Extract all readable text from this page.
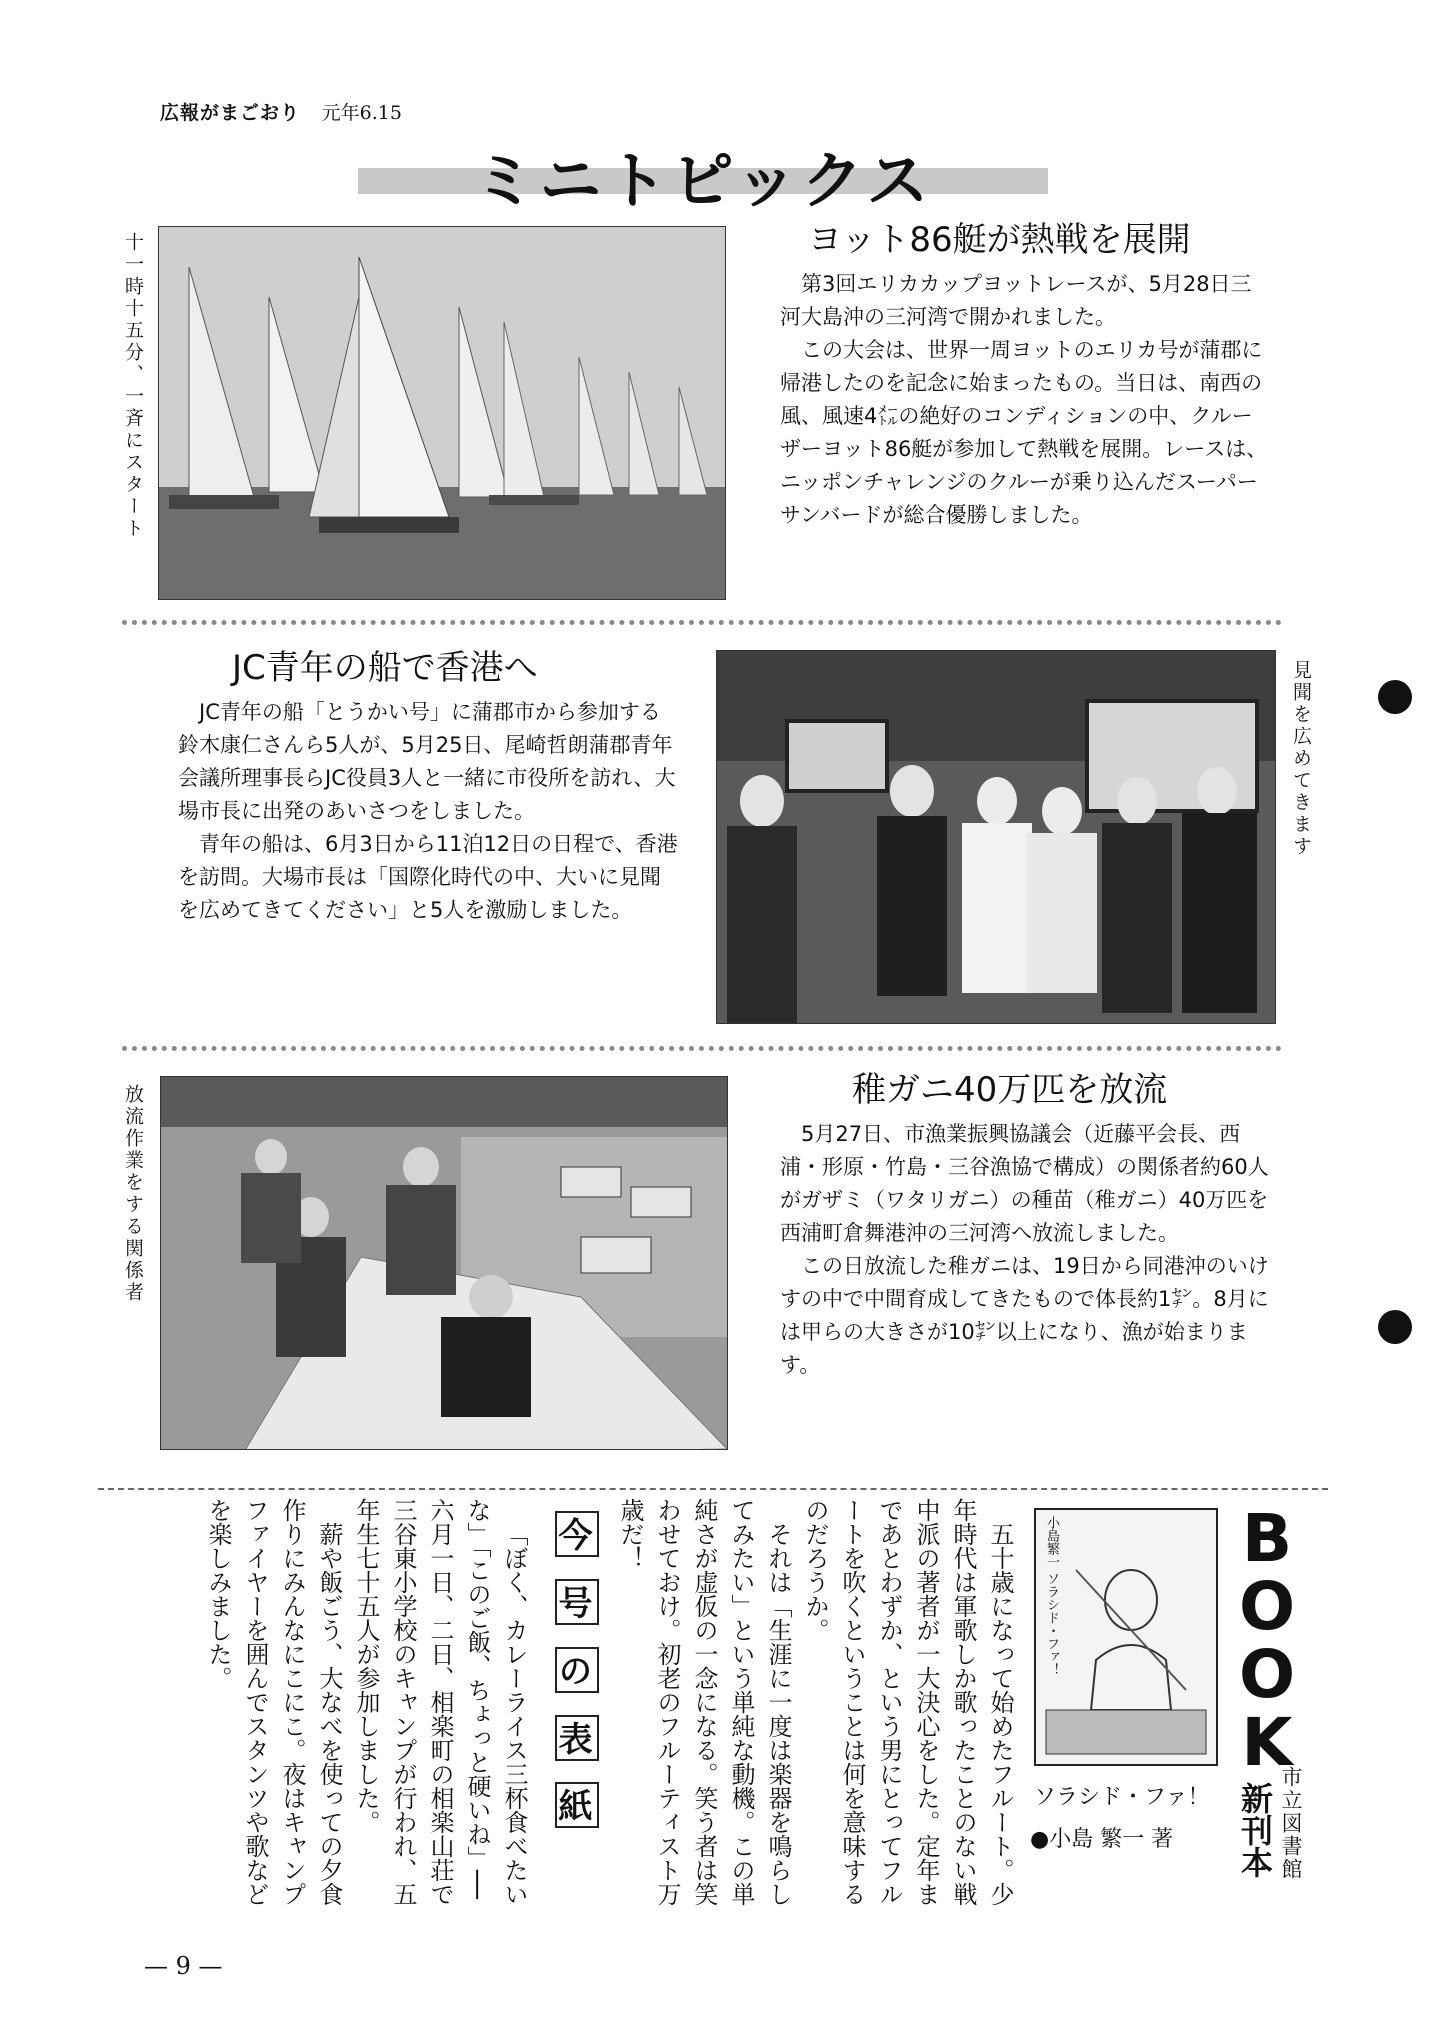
広報がまごおり 元年6.15
ミニトピックス
十一時十五分、一斉にスタート	ヨット86艇が熱戦を展開

第3回エリカカップヨットレースが、5月28日三河大島沖の三河湾で開かれました。

この大会は、世界一周ヨットのエリカ号が蒲郡に帰港したのを記念に始まったもの。当日は、南西の風、風速4㍍の絶好のコンディションの中、クルーザーヨット86艇が参加して熱戦を展開。レースは、ニッポンチャレンジのクルーが乗り込んだスーパーサンバードが総合優勝しました。

JC青年の船で香港へ

JC青年の船「とうかい号」に蒲郡市から参加する鈴木康仁さんら5人が、5月25日、尾崎哲朗蒲郡青年会議所理事長らJC役員3人と一緒に市役所を訪れ、大場市長に出発のあいさつをしました。

青年の船は、6月3日から11泊12日の日程で、香港を訪問。大場市長は「国際化時代の中、大いに見聞を広めてきてください」と5人を激励しました。

見聞を広めてきます
放流作業をする関係者	稚ガニ40万匹を放流

5月27日、市漁業振興協議会（近藤平会長、西浦・形原・竹島・三谷漁協で構成）の関係者約60人がガザミ（ワタリガニ）の種苗（稚ガニ）40万匹を西浦町倉舞港沖の三河湾へ放流しました。

この日放流した稚ガニは、19日から同港沖のいけすの中で中間育成してきたもので体長約1㌢。8月には甲らの大きさが10㌢以上になり、漁が始まります。

B
O
O
K
新刊本 市立図書館
小島繁一 ソラシド・ファ！
ソラシド・ファ！
●小島 繁一 著

五十歳になって始めたフルート。少年時代は軍歌しか歌ったことのない戦中派の著者が一大決心をした。定年まであとわずか、という男にとってフルートを吹くということは何を意味するのだろうか。

それは「生涯に一度は楽器を鳴らしてみたい」という単純な動機。この単純さが虚仮の一念になる。笑う者は笑わせておけ。初老のフルーティスト万歳だ！

今 号 の 表 紙

「ぼく、カレーライス三杯食べたいな」「このご飯、ちょっと硬いね」──六月一日、二日、相楽町の相楽山荘で三谷東小学校のキャンプが行われ、五年生七十五人が参加しました。

薪や飯ごう、大なべを使っての夕食作りにみんなにこにこ。夜はキャンプファイヤーを囲んでスタンツや歌などを楽しみました。

— 9 —
